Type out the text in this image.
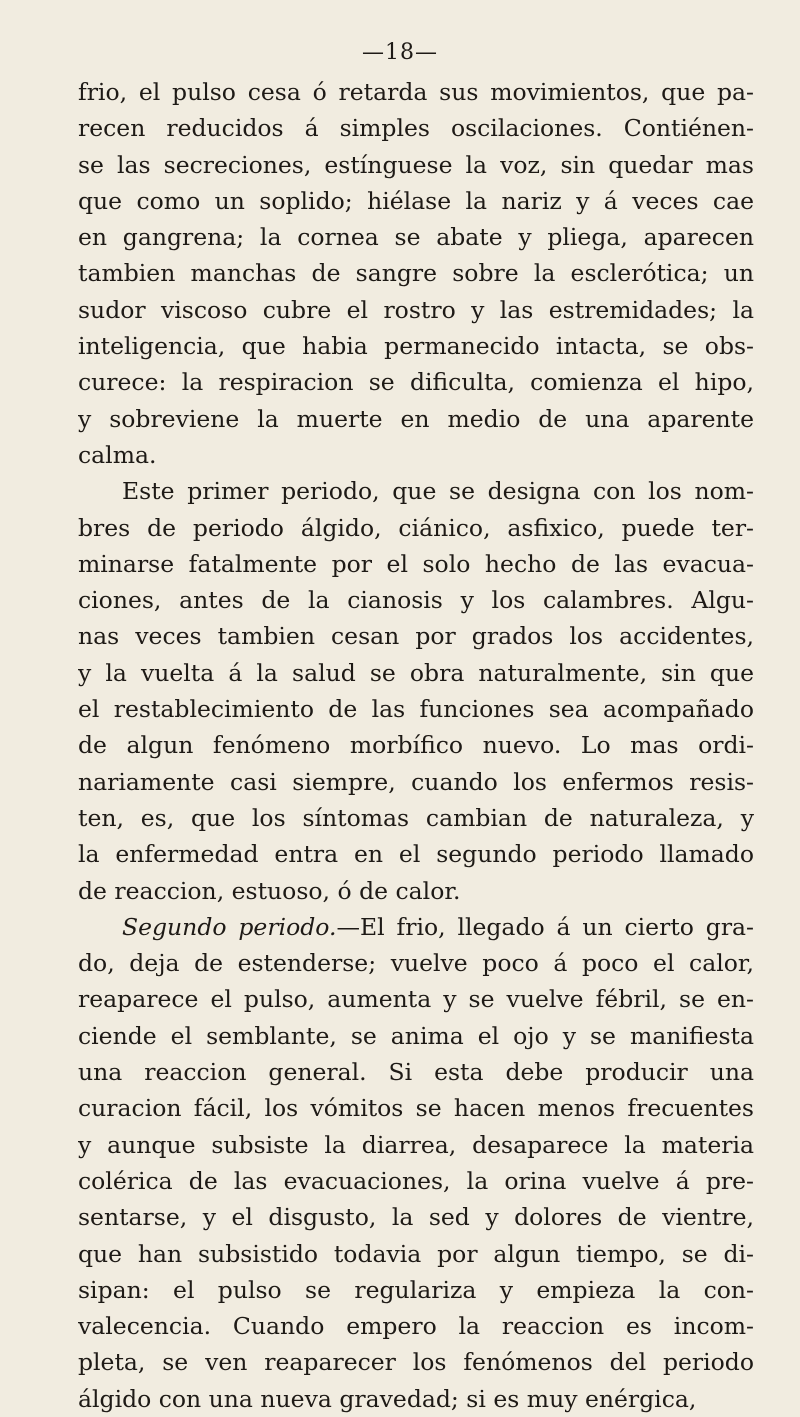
—18—
frio, el pulso cesa ó retarda sus movimientos, que pa-
recen reducidos á simples oscilaciones. Contiénen-
se las secreciones, estínguese la voz, sin quedar mas
que como un soplido; hiélase la nariz y á veces cae
en gangrena; la cornea se abate y pliega, aparecen
tambien manchas de sangre sobre la esclerótica; un
sudor viscoso cubre el rostro y las estremidades; la
inteligencia, que habia permanecido intacta, se obs-
curece: la respiracion se dificulta, comienza el hipo,
y sobreviene la muerte en medio de una aparente
calma.
Este primer periodo, que se designa con los nom-
bres de periodo álgido, ciánico, asfixico, puede ter-
minarse fatalmente por el solo hecho de las evacua-
ciones, antes de la cianosis y los calambres. Algu-
nas veces tambien cesan por grados los accidentes,
y la vuelta á la salud se obra naturalmente, sin que
el restablecimiento de las funciones sea acompañado
de algun fenómeno morbífico nuevo. Lo mas ordi-
nariamente casi siempre, cuando los enfermos resis-
ten, es, que los síntomas cambian de naturaleza, y
la enfermedad entra en el segundo periodo llamado
de reaccion, estuoso, ó de calor.
Segundo periodo.—El frio, llegado á un cierto gra-
do, deja de estenderse; vuelve poco á poco el calor,
reaparece el pulso, aumenta y se vuelve fébril, se en-
ciende el semblante, se anima el ojo y se manifiesta
una reaccion general. Si esta debe producir una
curacion fácil, los vómitos se hacen menos frecuentes
y aunque subsiste la diarrea, desaparece la materia
colérica de las evacuaciones, la orina vuelve á pre-
sentarse, y el disgusto, la sed y dolores de vientre,
que han subsistido todavia por algun tiempo, se di-
sipan: el pulso se regulariza y empieza la con-
valecencia. Cuando empero la reaccion es incom-
pleta, se ven reaparecer los fenómenos del periodo
álgido con una nueva gravedad; si es muy enérgica,
